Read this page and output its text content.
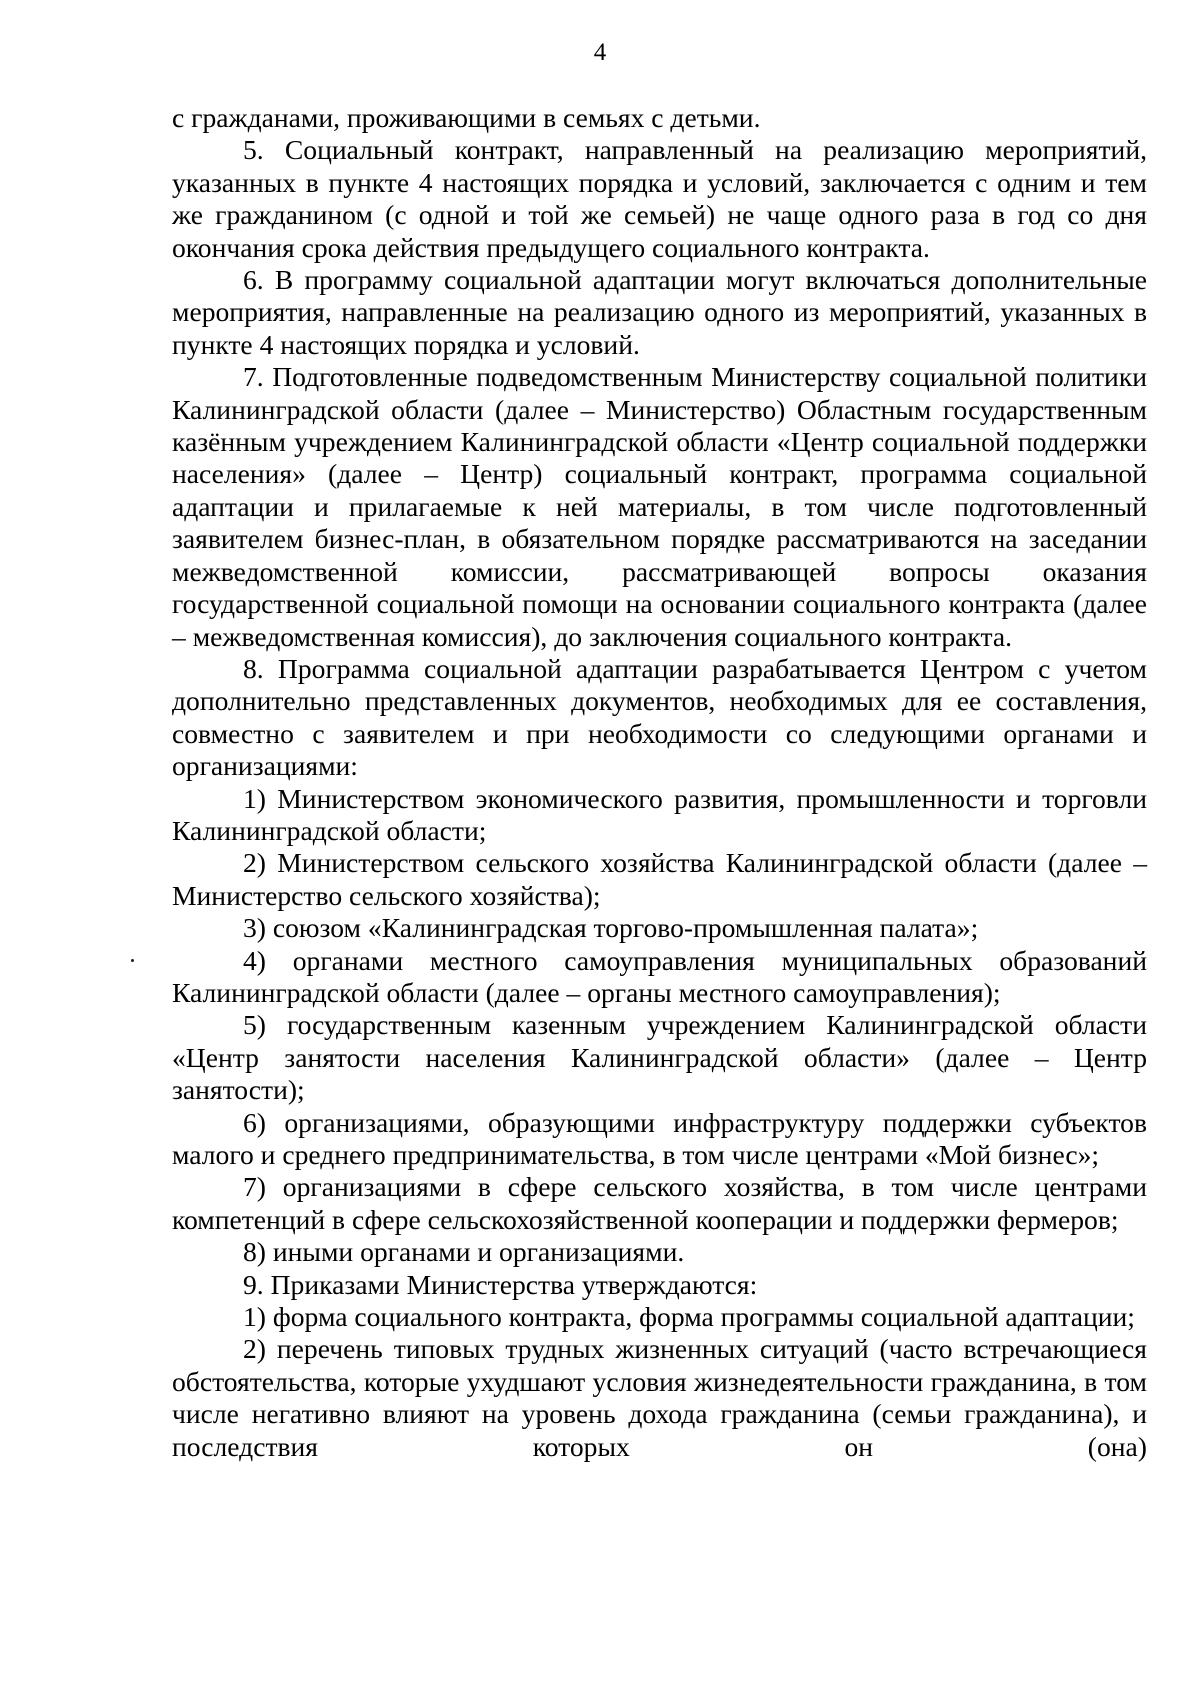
4

с гражданами, проживающими в семьях с детьми.

5. Социальный контракт, направленный на реализацию мероприятий, указанных в пункте 4 настоящих порядка и условий, заключается с одним и тем же гражданином (с одной и той же семьей) не чаще одного раза в год со дня окончания срока действия предыдущего социального контракта.

6. В программу социальной адаптации могут включаться дополнительные мероприятия, направленные на реализацию одного из мероприятий, указанных в пункте 4 настоящих порядка и условий.

7. Подготовленные подведомственным Министерству социальной политики Калининградской области (далее – Министерство) Областным государственным казённым учреждением Калининградской области «Центр социальной поддержки населения» (далее – Центр) социальный контракт, программа социальной адаптации и прилагаемые к ней материалы, в том числе подготовленный заявителем бизнес-план, в обязательном порядке рассматриваются на заседании межведомственной комиссии, рассматривающей вопросы оказания государственной социальной помощи на основании социального контракта (далее – межведомственная комиссия), до заключения социального контракта.

8. Программа социальной адаптации разрабатывается Центром с учетом дополнительно представленных документов, необходимых для ее составления, совместно с заявителем и при необходимости со следующими органами и организациями:

1) Министерством экономического развития, промышленности и торговли Калининградской области;

2) Министерством сельского хозяйства Калининградской области (далее – Министерство сельского хозяйства);

3) союзом «Калининградская торгово-промышленная палата»;

4) органами местного самоуправления муниципальных образований Калининградской области (далее – органы местного самоуправления);

5) государственным казенным учреждением Калининградской области «Центр занятости населения Калининградской области» (далее – Центр занятости);

6) организациями, образующими инфраструктуру поддержки субъектов малого и среднего предпринимательства, в том числе центрами «Мой бизнес»;

7) организациями в сфере сельского хозяйства, в том числе центрами компетенций в сфере сельскохозяйственной кооперации и поддержки фермеров;

8) иными органами и организациями.

9. Приказами Министерства утверждаются:

1) форма социального контракта, форма программы социальной адаптации;

2) перечень типовых трудных жизненных ситуаций (часто встречающиеся обстоятельства, которые ухудшают условия жизнедеятельности гражданина, в том числе негативно влияют на уровень дохода гражданина (семьи гражданина), и последствия которых он (она)
